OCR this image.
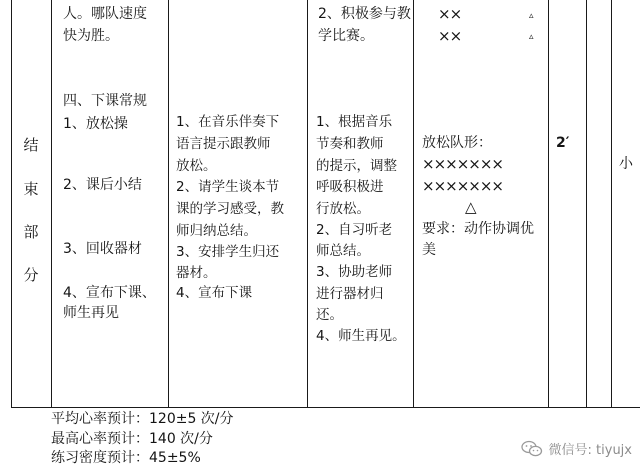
人。哪队速度
快为胜。
2、积极参与教
学比赛。
××
××
▵
▵
结
束
部
分
四、下课常规
1、放松操
2、课后小结
3、回收器材
4、宣布下课、
师生再见
1、在音乐伴奏下
语言提示跟教师
放松。
2、请学生谈本节
课的学习感受，教
师归纳总结。
3、安排学生归还
器材。
4、宣布下课
1、根据音乐
节奏和教师
的提示，调整
呼吸积极进
行放松。
2、自习听老
师总结。
3、协助老师
进行器材归
还。
4、师生再见。
放松队形：
×××××××
×××××××
△
要求：动作协调优
美
2′
小
平均心率预计：120±5 次/分
最高心率预计：140 次/分
练习密度预计：45±5%	微信号: tiyujx
